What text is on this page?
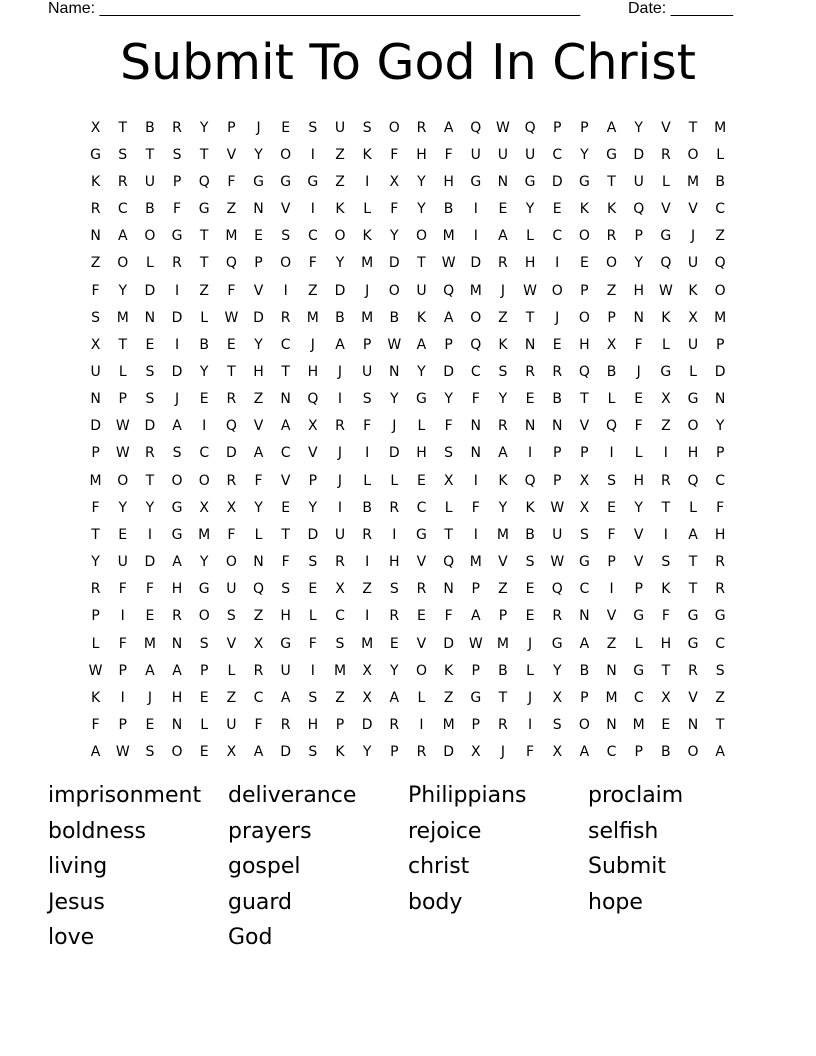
Name: ______________________________________________________	Date: _______
Submit To God In Christ
X	T	B	R	Y	P	J	E	S	U	S	O	R	A	Q	W	Q	P	P	A	Y	V	T	M
G	S	T	S	T	V	Y	O	I	Z	K	F	H	F	U	U	U	C	Y	G	D	R	O	L
K	R	U	P	Q	F	G	G	G	Z	I	X	Y	H	G	N	G	D	G	T	U	L	M	B
R	C	B	F	G	Z	N	V	I	K	L	F	Y	B	I	E	Y	E	K	K	Q	V	V	C
N	A	O	G	T	M	E	S	C	O	K	Y	O	M	I	A	L	C	O	R	P	G	J	Z
Z	O	L	R	T	Q	P	O	F	Y	M	D	T	W	D	R	H	I	E	O	Y	Q	U	Q
F	Y	D	I	Z	F	V	I	Z	D	J	O	U	Q	M	J	W	O	P	Z	H	W	K	O
S	M	N	D	L	W	D	R	M	B	M	B	K	A	O	Z	T	J	O	P	N	K	X	M
X	T	E	I	B	E	Y	C	J	A	P	W	A	P	Q	K	N	E	H	X	F	L	U	P
U	L	S	D	Y	T	H	T	H	J	U	N	Y	D	C	S	R	R	Q	B	J	G	L	D
N	P	S	J	E	R	Z	N	Q	I	S	Y	G	Y	F	Y	E	B	T	L	E	X	G	N
D	W	D	A	I	Q	V	A	X	R	F	J	L	F	N	R	N	N	V	Q	F	Z	O	Y
P	W	R	S	C	D	A	C	V	J	I	D	H	S	N	A	I	P	P	I	L	I	H	P
M	O	T	O	O	R	F	V	P	J	L	L	E	X	I	K	Q	P	X	S	H	R	Q	C
F	Y	Y	G	X	X	Y	E	Y	I	B	R	C	L	F	Y	K	W	X	E	Y	T	L	F
T	E	I	G	M	F	L	T	D	U	R	I	G	T	I	M	B	U	S	F	V	I	A	H
Y	U	D	A	Y	O	N	F	S	R	I	H	V	Q	M	V	S	W	G	P	V	S	T	R
R	F	F	H	G	U	Q	S	E	X	Z	S	R	N	P	Z	E	Q	C	I	P	K	T	R
P	I	E	R	O	S	Z	H	L	C	I	R	E	F	A	P	E	R	N	V	G	F	G	G
L	F	M	N	S	V	X	G	F	S	M	E	V	D	W	M	J	G	A	Z	L	H	G	C
W	P	A	A	P	L	R	U	I	M	X	Y	O	K	P	B	L	Y	B	N	G	T	R	S
K	I	J	H	E	Z	C	A	S	Z	X	A	L	Z	G	T	J	X	P	M	C	X	V	Z
F	P	E	N	L	U	F	R	H	P	D	R	I	M	P	R	I	S	O	N	M	E	N	T
A	W	S	O	E	X	A	D	S	K	Y	P	R	D	X	J	F	X	A	C	P	B	O	A
imprisonment	deliverance	Philippians	proclaim
boldness	prayers	rejoice	selfish
living	gospel	christ	Submit
Jesus	guard	body	hope
love	God
